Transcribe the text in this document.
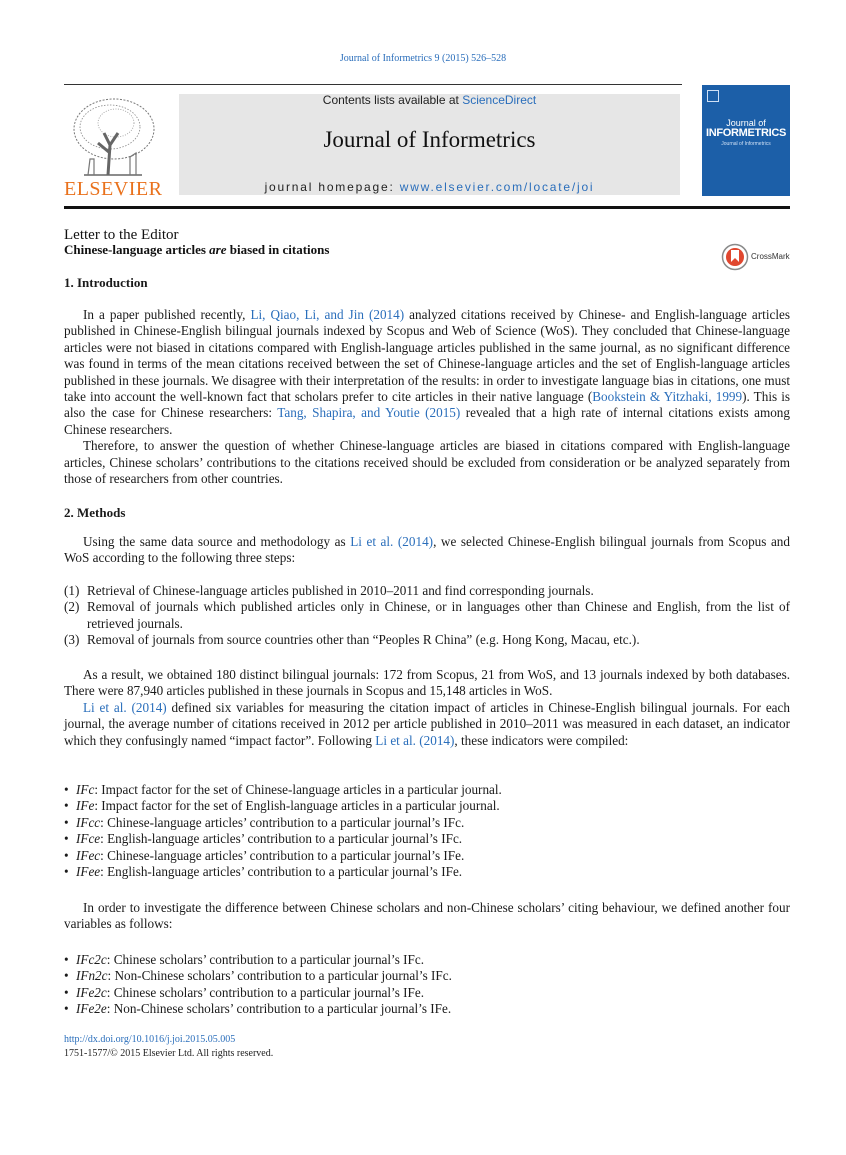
Journal of Informetrics 9 (2015) 526–528
ELSEVIER
Contents lists available at ScienceDirect
Journal of Informetrics
journal homepage: www.elsevier.com/locate/joi
Journal of
INFORMETRICS
Journal of Informetrics
Letter to the Editor
Chinese-language articles are biased in citations	CrossMark
1. Introduction

In a paper published recently, Li, Qiao, Li, and Jin (2014) analyzed citations received by Chinese- and English-language articles published in Chinese-English bilingual journals indexed by Scopus and Web of Science (WoS). They concluded that Chinese-language articles were not biased in citations compared with English-language articles published in the same journal, as no significant difference was found in terms of the mean citations received between the set of Chinese-language articles and the set of English-language articles published in these journals. We disagree with their interpretation of the results: in order to investigate language bias in citations, one must take into account the well-known fact that scholars prefer to cite articles in their native language (Bookstein & Yitzhaki, 1999). This is also the case for Chinese researchers: Tang, Shapira, and Youtie (2015) revealed that a high rate of internal citations exists among Chinese researchers.

Therefore, to answer the question of whether Chinese-language articles are biased in citations compared with English-language articles, Chinese scholars’ contributions to the citations received should be excluded from consideration or be analyzed separately from those of researchers from other countries.

2. Methods

Using the same data source and methodology as Li et al. (2014), we selected Chinese-English bilingual journals from Scopus and WoS according to the following three steps:

(1) Retrieval of Chinese-language articles published in 2010–2011 and find corresponding journals.
(2) Removal of journals which published articles only in Chinese, or in languages other than Chinese and English, from the list of retrieved journals.
(3) Removal of journals from source countries other than “Peoples R China” (e.g. Hong Kong, Macau, etc.).

As a result, we obtained 180 distinct bilingual journals: 172 from Scopus, 21 from WoS, and 13 journals indexed by both databases. There were 87,940 articles published in these journals in Scopus and 15,148 articles in WoS.

Li et al. (2014) defined six variables for measuring the citation impact of articles in Chinese-English bilingual journals. For each journal, the average number of citations received in 2012 per article published in 2010–2011 was measured in each dataset, an indicator which they confusingly named “impact factor”. Following Li et al. (2014), these indicators were compiled:

• IFc: Impact factor for the set of Chinese-language articles in a particular journal.
• IFe: Impact factor for the set of English-language articles in a particular journal.
• IFcc: Chinese-language articles’ contribution to a particular journal’s IFc.
• IFce: English-language articles’ contribution to a particular journal’s IFc.
• IFec: Chinese-language articles’ contribution to a particular journal’s IFe.
• IFee: English-language articles’ contribution to a particular journal’s IFe.

In order to investigate the difference between Chinese scholars and non-Chinese scholars’ citing behaviour, we defined another four variables as follows:

• IFc2c: Chinese scholars’ contribution to a particular journal’s IFc.
• IFn2c: Non-Chinese scholars’ contribution to a particular journal’s IFc.
• IFe2c: Chinese scholars’ contribution to a particular journal’s IFe.
• IFe2e: Non-Chinese scholars’ contribution to a particular journal’s IFe.
http://dx.doi.org/10.1016/j.joi.2015.05.005
1751-1577/© 2015 Elsevier Ltd. All rights reserved.
